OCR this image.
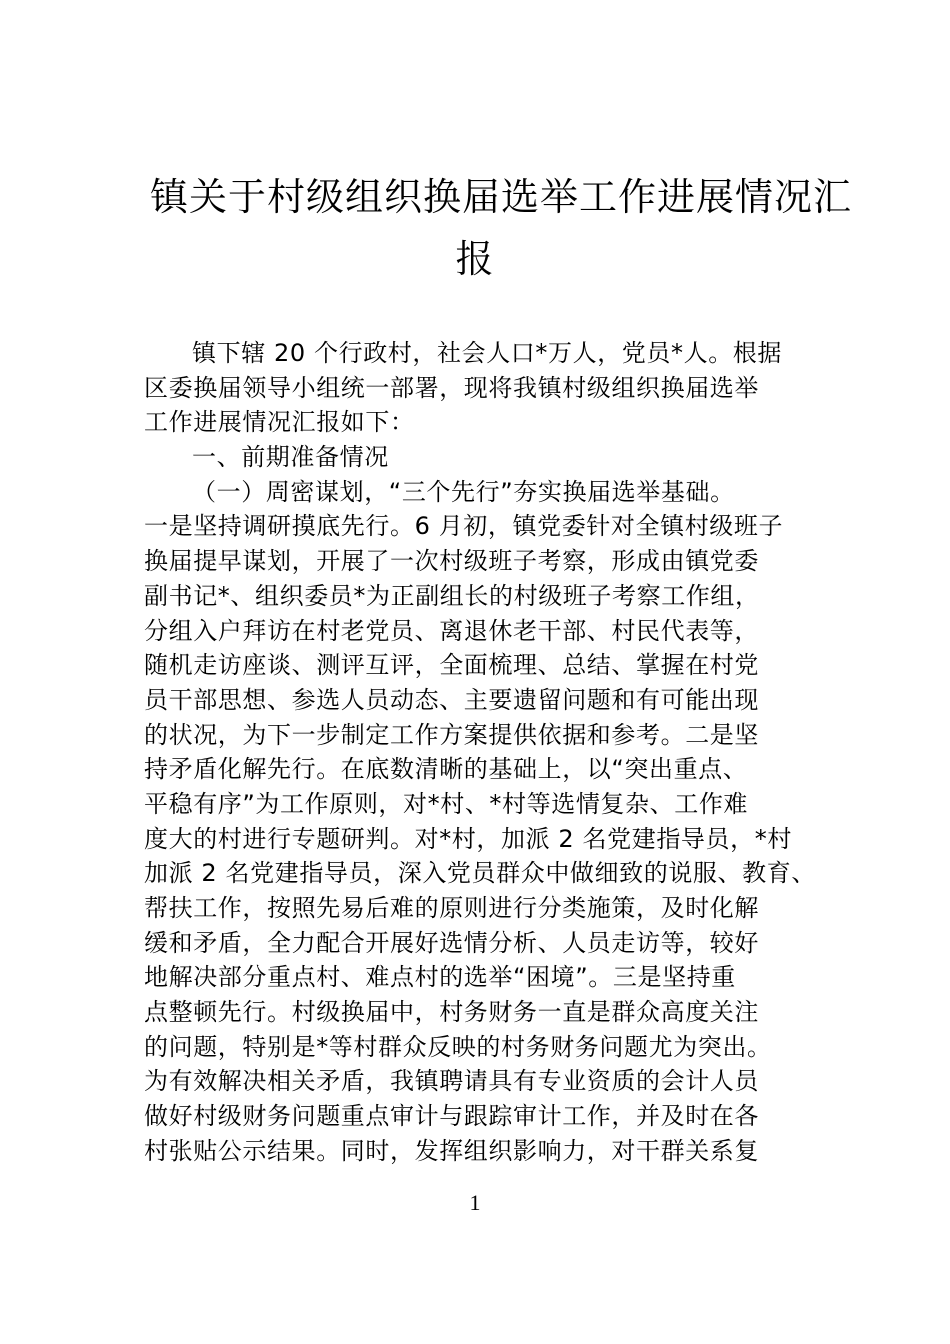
镇关于村级组织换届选举工作进展情况汇
报
镇下辖 20 个行政村，社会人口*万人，党员*人。根据
区委换届领导小组统一部署，现将我镇村级组织换届选举
工作进展情况汇报如下：
一、前期准备情况
（一）周密谋划，“三个先行”夯实换届选举基础。
一是坚持调研摸底先行。6 月初，镇党委针对全镇村级班子
换届提早谋划，开展了一次村级班子考察，形成由镇党委
副书记*、组织委员*为正副组长的村级班子考察工作组，
分组入户拜访在村老党员、离退休老干部、村民代表等，
随机走访座谈、测评互评，全面梳理、总结、掌握在村党
员干部思想、参选人员动态、主要遗留问题和有可能出现
的状况，为下一步制定工作方案提供依据和参考。二是坚
持矛盾化解先行。在底数清晰的基础上，以“突出重点、
平稳有序”为工作原则，对*村、*村等选情复杂、工作难
度大的村进行专题研判。对*村，加派 2 名党建指导员，*村
加派 2 名党建指导员，深入党员群众中做细致的说服、教育、
帮扶工作，按照先易后难的原则进行分类施策，及时化解
缓和矛盾，全力配合开展好选情分析、人员走访等，较好
地解决部分重点村、难点村的选举“困境”。三是坚持重
点整顿先行。村级换届中，村务财务一直是群众高度关注
的问题，特别是*等村群众反映的村务财务问题尤为突出。
为有效解决相关矛盾，我镇聘请具有专业资质的会计人员
做好村级财务问题重点审计与跟踪审计工作，并及时在各
村张贴公示结果。同时，发挥组织影响力，对干群关系复
1
